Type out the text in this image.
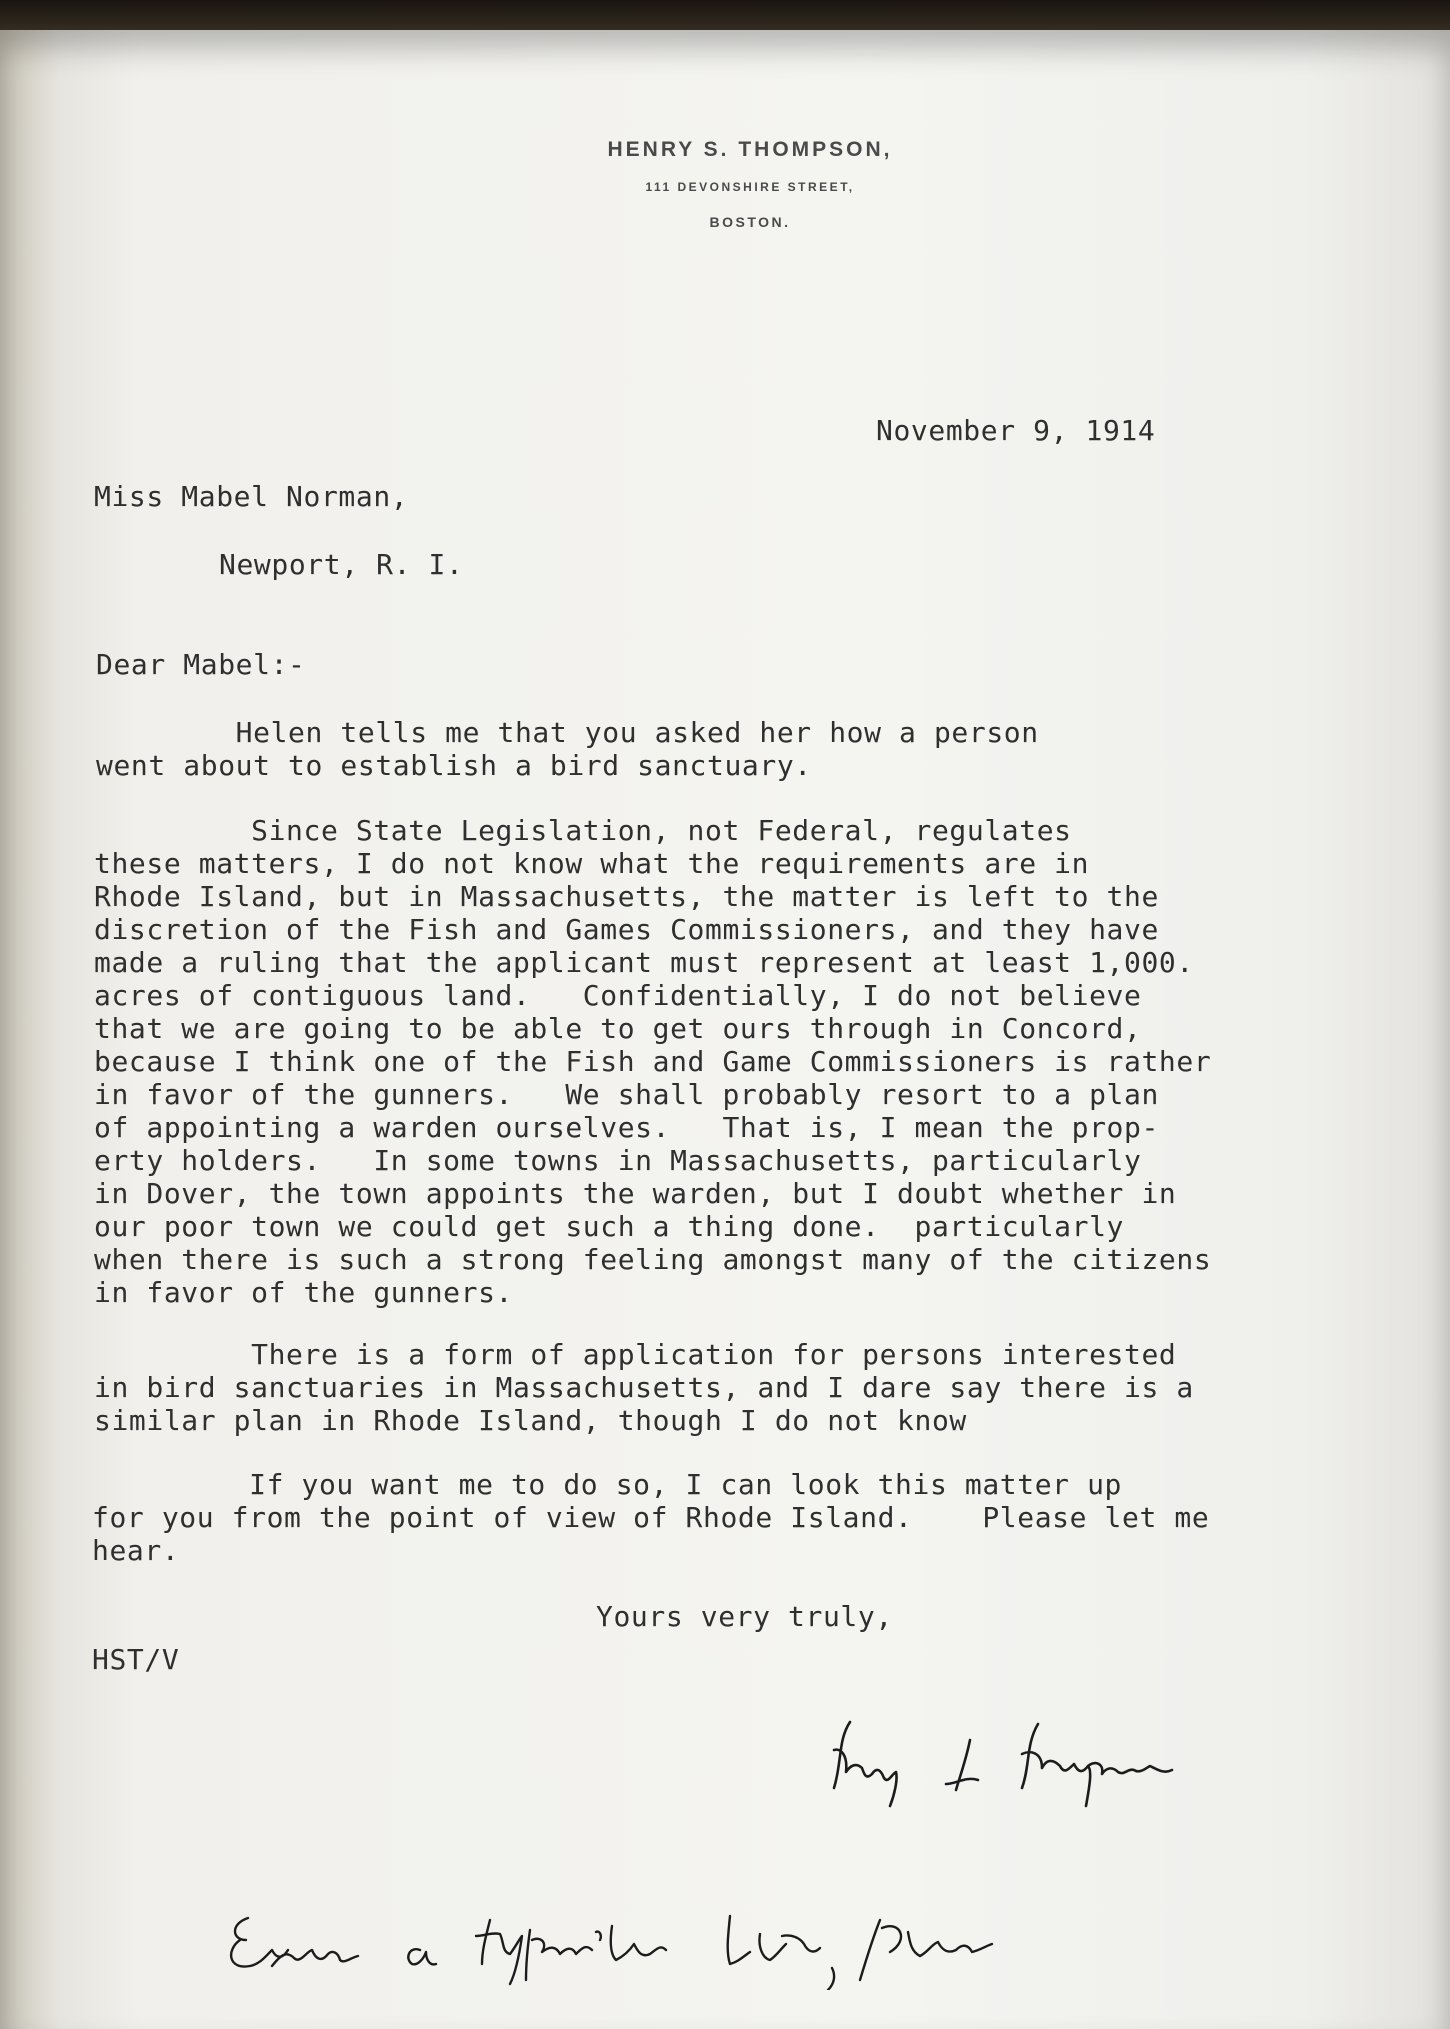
HENRY S. THOMPSON,
111 DEVONSHIRE STREET,
BOSTON.
November 9, 1914
Miss Mabel Norman,
Newport, R. I.
Dear Mabel:-
Helen tells me that you asked her how a person
went about to establish a bird sanctuary.
Since State Legislation, not Federal, regulates
these matters, I do not know what the requirements are in
Rhode Island, but in Massachusetts, the matter is left to the
discretion of the Fish and Games Commissioners, and they have
made a ruling that the applicant must represent at least 1,000.
acres of contiguous land.   Confidentially, I do not believe
that we are going to be able to get ours through in Concord,
because I think one of the Fish and Game Commissioners is rather
in favor of the gunners.   We shall probably resort to a plan
of appointing a warden ourselves.   That is, I mean the prop-
erty holders.   In some towns in Massachusetts, particularly
in Dover, the town appoints the warden, but I doubt whether in
our poor town we could get such a thing done.  particularly
when there is such a strong feeling amongst many of the citizens
in favor of the gunners.
There is a form of application for persons interested
in bird sanctuaries in Massachusetts, and I dare say there is a
similar plan in Rhode Island, though I do not know
If you want me to do so, I can look this matter up
for you from the point of view of Rhode Island.    Please let me
hear.
Yours very truly,
HST/V
